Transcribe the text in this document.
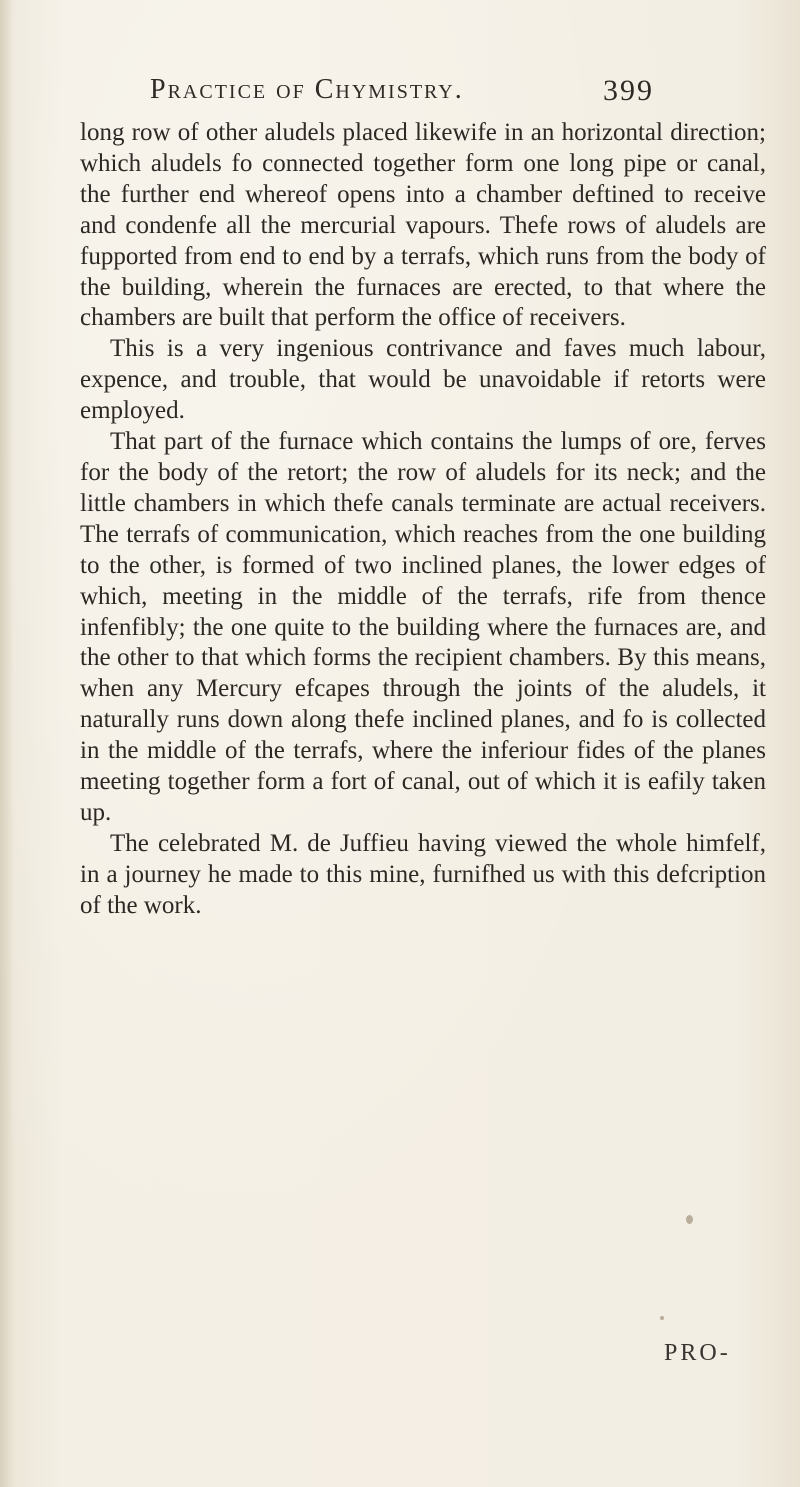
Practice of Chymistry.	399

long row of other aludels placed likewife in an horizontal direction; which aludels fo connected together form one long pipe or canal, the further end whereof opens into a chamber deftined to receive and condenfe all the mercurial vapours. Thefe rows of aludels are fupported from end to end by a terrafs, which runs from the body of the building, wherein the furnaces are erected, to that where the chambers are built that perform the office of receivers.

This is a very ingenious contrivance and faves much labour, expence, and trouble, that would be unavoidable if retorts were employed.

That part of the furnace which contains the lumps of ore, ferves for the body of the retort; the row of aludels for its neck; and the little chambers in which thefe canals terminate are actual receivers. The terrafs of communication, which reaches from the one building to the other, is formed of two inclined planes, the lower edges of which, meeting in the middle of the terrafs, rife from thence infenfibly; the one quite to the building where the furnaces are, and the other to that which forms the recipient chambers. By this means, when any Mercury efcapes through the joints of the aludels, it naturally runs down along thefe inclined planes, and fo is collected in the middle of the terrafs, where the inferiour fides of the planes meeting together form a fort of canal, out of which it is eafily taken up.

The celebrated M. de Juffieu having viewed the whole himfelf, in a journey he made to this mine, furnifhed us with this defcription of the work.

PRO-
